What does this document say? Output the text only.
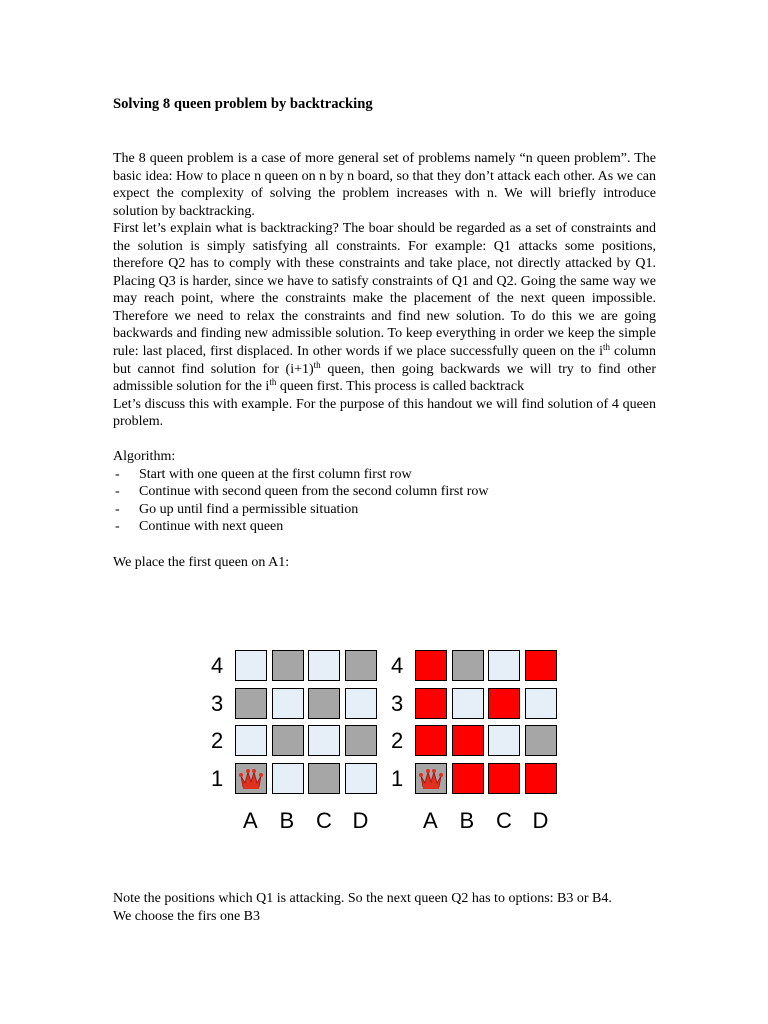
Solving 8 queen problem by backtracking

The 8 queen problem is a case of more general set of problems namely “n queen problem”. The basic idea: How to place n queen on n by n board, so that they don’t attack each other. As we can expect the complexity of solving the problem increases with n. We will briefly introduce solution by backtracking.

First let’s explain what is backtracking? The boar should be regarded as a set of constraints and the solution is simply satisfying all constraints. For example: Q1 attacks some positions, therefore Q2 has to comply with these constraints and take place, not directly attacked by Q1. Placing Q3 is harder, since we have to satisfy constraints of Q1 and Q2. Going the same way we may reach point, where the constraints make the placement of the next queen impossible. Therefore we need to relax the constraints and find new solution. To do this we are going backwards and finding new admissible solution. To keep everything in order we keep the simple rule: last placed, first displaced. In other words if we place successfully queen on the $i^{th}$ column but cannot find solution for $(i+1)^{th}$ queen, then going backwards we will try to find other admissible solution for the $i^{th}$ queen first. This process is called backtrack

Let’s discuss this with example. For the purpose of this handout we will find solution of 4 queen problem.

Algorithm:

- Start with one queen at the first column first row
- Continue with second queen from the second column first row
- Go up until find a permissible situation
- Continue with next queen

We place the first queen on A1:

Note the positions which Q1 is attacking. So the next queen Q2 has to options: B3 or B4.

We choose the firs one B3

4
3
2
1
A B C D
4
3
2
1
A B C D
